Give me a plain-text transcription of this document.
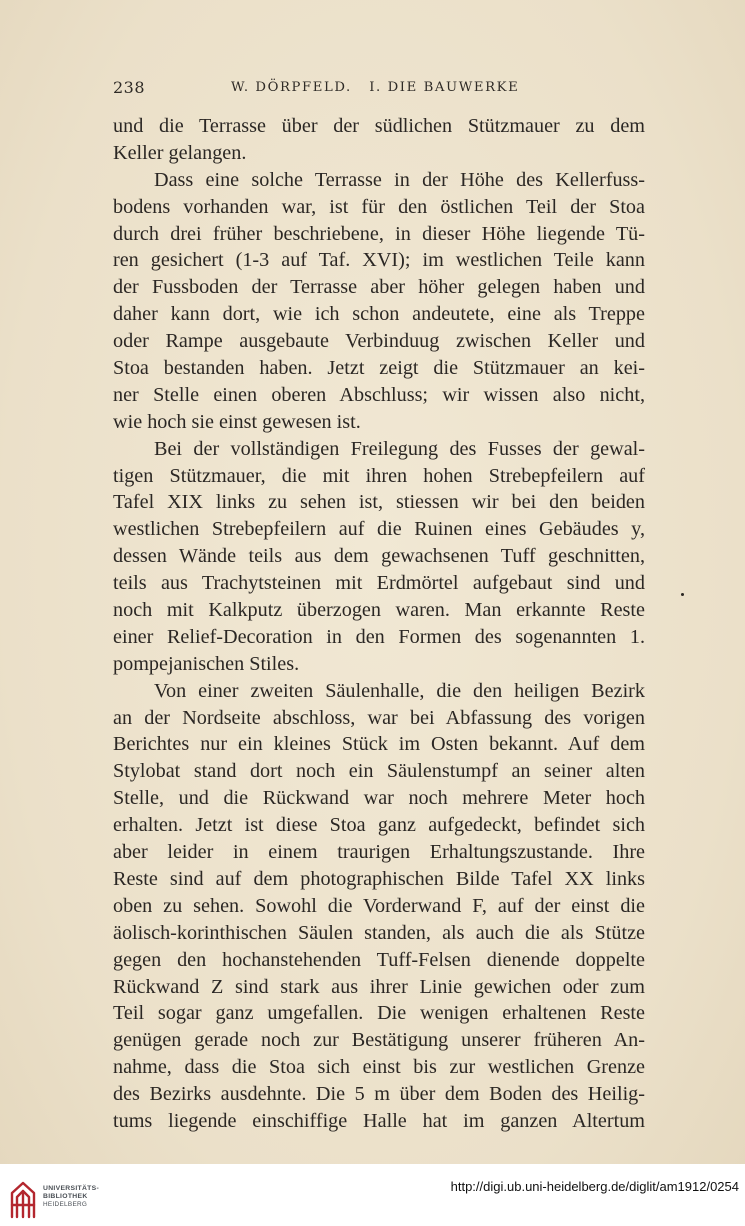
238	W. DÖRPFELD.   I. DIE BAUWERKE
und die Terrasse über der südlichen Stützmauer zu dem
Keller gelangen.
Dass eine solche Terrasse in der Höhe des Kellerfuss-
bodens vorhanden war, ist für den östlichen Teil der Stoa
durch drei früher beschriebene, in dieser Höhe liegende Tü-
ren gesichert (1-3 auf Taf. XVI); im westlichen Teile kann
der Fussboden der Terrasse aber höher gelegen haben und
daher kann dort, wie ich schon andeutete, eine als Treppe
oder Rampe ausgebaute Verbinduug zwischen Keller und
Stoa bestanden haben. Jetzt zeigt die Stützmauer an kei-
ner Stelle einen oberen Abschluss; wir wissen also nicht,
wie hoch sie einst gewesen ist.
Bei der vollständigen Freilegung des Fusses der gewal-
tigen Stützmauer, die mit ihren hohen Strebepfeilern auf
Tafel XIX links zu sehen ist, stiessen wir bei den beiden
westlichen Strebepfeilern auf die Ruinen eines Gebäudes y,
dessen Wände teils aus dem gewachsenen Tuff geschnitten,
teils aus Trachytsteinen mit Erdmörtel aufgebaut sind und
noch mit Kalkputz überzogen waren. Man erkannte Reste
einer Relief-Decoration in den Formen des sogenannten 1.
pompejanischen Stiles.
Von einer zweiten Säulenhalle, die den heiligen Bezirk
an der Nordseite abschloss, war bei Abfassung des vorigen
Berichtes nur ein kleines Stück im Osten bekannt. Auf dem
Stylobat stand dort noch ein Säulenstumpf an seiner alten
Stelle, und die Rückwand war noch mehrere Meter hoch
erhalten. Jetzt ist diese Stoa ganz aufgedeckt, befindet sich
aber leider in einem traurigen Erhaltungszustande. Ihre
Reste sind auf dem photographischen Bilde Tafel XX links
oben zu sehen. Sowohl die Vorderwand F, auf der einst die
äolisch-korinthischen Säulen standen, als auch die als Stütze
gegen den hochanstehenden Tuff-Felsen dienende doppelte
Rückwand Z sind stark aus ihrer Linie gewichen oder zum
Teil sogar ganz umgefallen. Die wenigen erhaltenen Reste
genügen gerade noch zur Bestätigung unserer früheren An-
nahme, dass die Stoa sich einst bis zur westlichen Grenze
des Bezirks ausdehnte. Die 5 m über dem Boden des Heilig-
tums liegende einschiffige Halle hat im ganzen Altertum
UNIVERSITÄTS-
BIBLIOTHEK
HEIDELBERG
http://digi.ub.uni-heidelberg.de/diglit/am1912/0254
